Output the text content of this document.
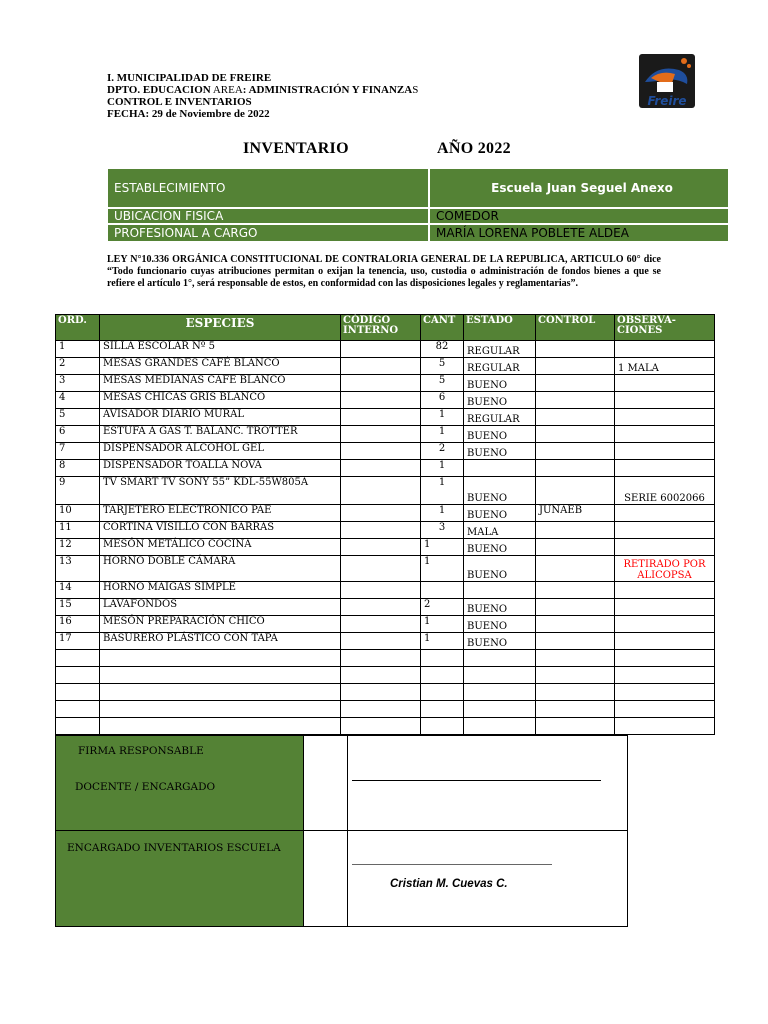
I. MUNICIPALIDAD DE FREIRE
DPTO. EDUCACION AREA: ADMINISTRACIÓN Y FINANZAS
CONTROL E INVENTARIOS
FECHA: 29 de Noviembre de 2022
Freire
INVENTARIO	AÑO 2022
ESTABLECIMIENTO	Escuela Juan Seguel Anexo
UBICACION FISICA	COMEDOR
PROFESIONAL A CARGO	MARÍA LORENA POBLETE ALDEA
LEY N°10.336 ORGÁNICA CONSTITUCIONAL DE CONTRALORIA GENERAL DE LA REPUBLICA, ARTICULO 60° dice “Todo funcionario cuyas atribuciones permitan o exijan la tenencia, uso, custodia o administración de fondos bienes a que se refiere el artículo 1°, será responsable de estos, en conformidad con las disposiciones legales y reglamentarias”.
ORD.	ESPECIES	CÓDIGO INTERNO	CANT	ESTADO	CONTROL	OBSERVA-CIONES
1	SILLA ESCOLAR Nº 5		82	REGULAR		
2	MESAS GRANDES CAFÉ BLANCO		5	REGULAR		1 MALA
3	MESAS MEDIANAS CAFE BLANCO		5	BUENO		
4	MESAS CHICAS GRIS BLANCO		6	BUENO		
5	AVISADOR DIARIO MURAL		1	REGULAR		
6	ESTUFA A GAS T. BALANC. TROTTER		1	BUENO		
7	DISPENSADOR ALCOHOL GEL		2	BUENO		
8	DISPENSADOR TOALLA NOVA		1			
9	TV SMART TV SONY 55” KDL-55W805A		1	BUENO		SERIE 6002066
10	TARJETERO ELECTRONICO PAE		1	BUENO	JUNAEB	
11	CORTINA VISILLO CON BARRAS		3	MALA		
12	MESÓN METÁLICO COCINA		1	BUENO		
13	HORNO DOBLE CÁMARA		1	BUENO		RETIRADO POR ALICOPSA
14	HORNO MAIGAS SIMPLE					
15	LAVAFONDOS		2	BUENO		
16	MESÓN PREPARACIÓN CHICO		1	BUENO		
17	BASURERO PLÁSTICO CON TAPA		1	BUENO		

FIRMA RESPONSABLE
DOCENTE / ENCARGADO
ENCARGADO INVENTARIOS ESCUELA
Cristian M. Cuevas C.
